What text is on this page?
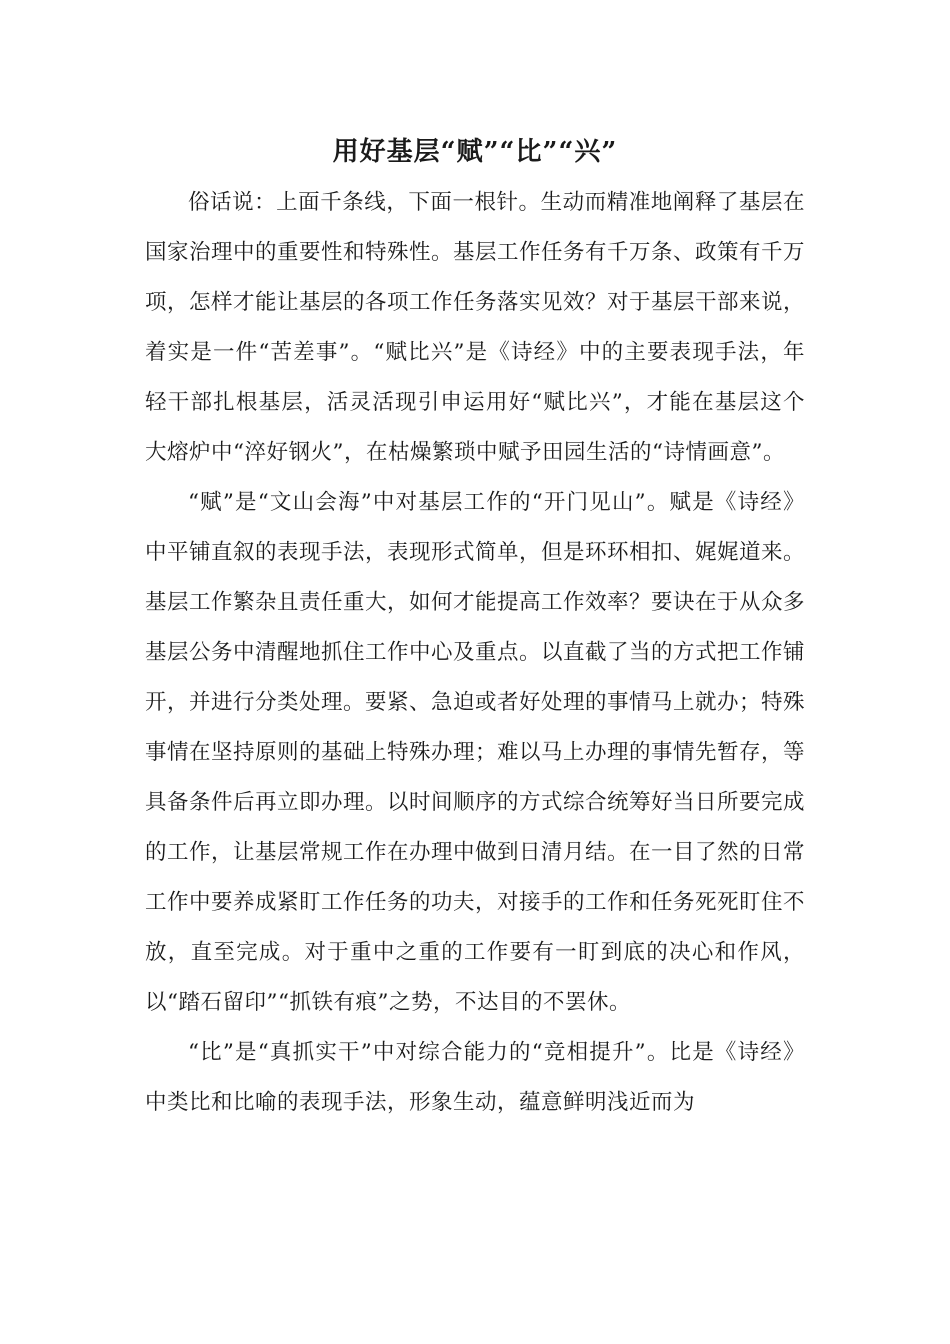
用好基层“赋”“比”“兴”

俗话说：上面千条线，下面一根针。生动而精准地阐释了基层在国家治理中的重要性和特殊性。基层工作任务有千万条、政策有千万项，怎样才能让基层的各项工作任务落实见效？对于基层干部来说，着实是一件“苦差事”。“赋比兴”是《诗经》中的主要表现手法，年轻干部扎根基层，活灵活现引申运用好“赋比兴”，才能在基层这个大熔炉中“淬好钢火”，在枯燥繁琐中赋予田园生活的“诗情画意”。

“赋”是“文山会海”中对基层工作的“开门见山”。赋是《诗经》中平铺直叙的表现手法，表现形式简单，但是环环相扣、娓娓道来。基层工作繁杂且责任重大，如何才能提高工作效率？要诀在于从众多基层公务中清醒地抓住工作中心及重点。以直截了当的方式把工作铺开，并进行分类处理。要紧、急迫或者好处理的事情马上就办；特殊事情在坚持原则的基础上特殊办理；难以马上办理的事情先暂存，等具备条件后再立即办理。以时间顺序的方式综合统筹好当日所要完成的工作，让基层常规工作在办理中做到日清月结。在一目了然的日常工作中要养成紧盯工作任务的功夫，对接手的工作和任务死死盯住不放，直至完成。对于重中之重的工作要有一盯到底的决心和作风，以“踏石留印”“抓铁有痕”之势，不达目的不罢休。

“比”是“真抓实干”中对综合能力的“竞相提升”。比是《诗经》中类比和比喻的表现手法，形象生动，蕴意鲜明浅近而为
